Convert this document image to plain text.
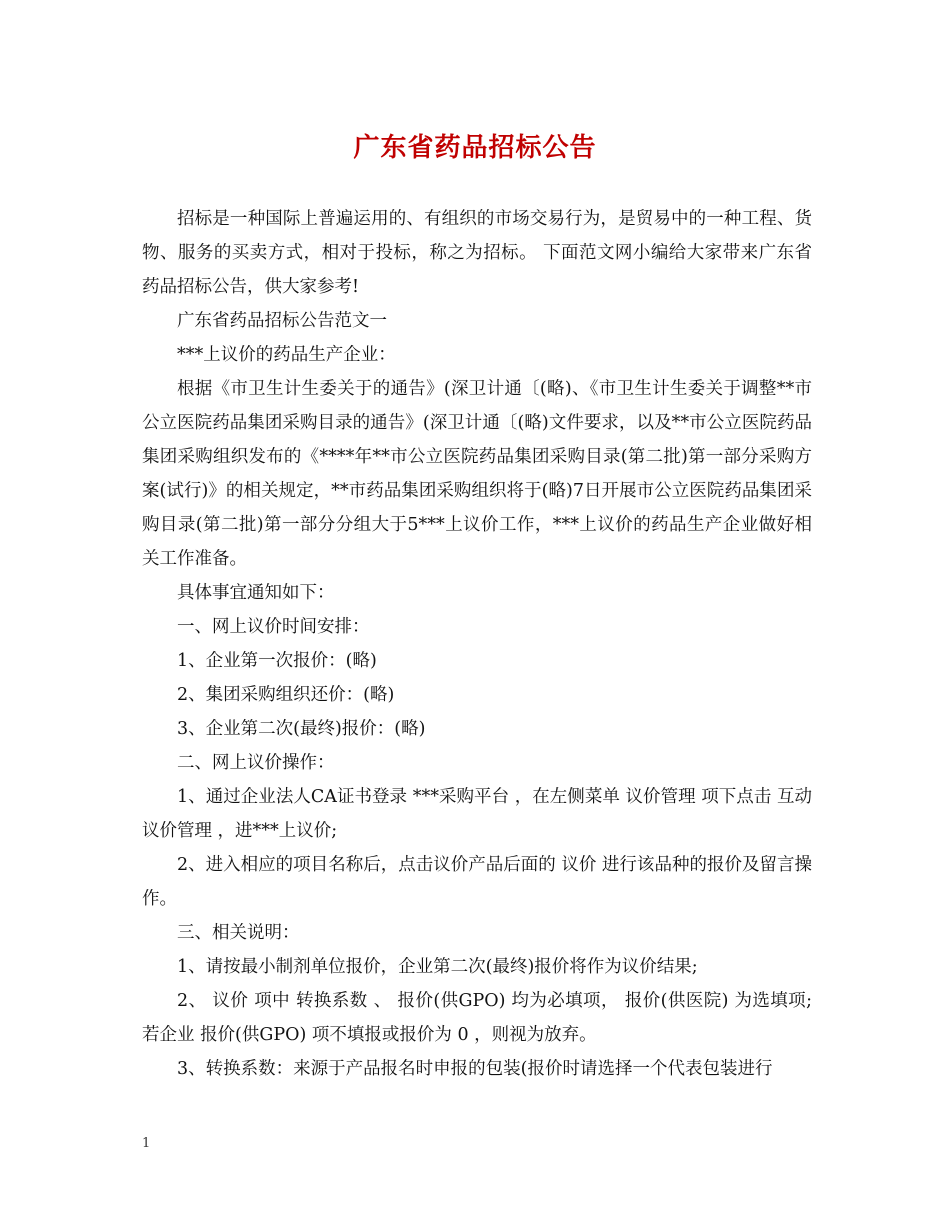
广东省药品招标公告

招标是一种国际上普遍运用的、有组织的市场交易行为，是贸易中的一种工程、货物、服务的买卖方式，相对于投标，称之为招标。 下面范文网小编给大家带来广东省药品招标公告，供大家参考!

广东省药品招标公告范文一

***上议价的药品生产企业：

根据《市卫生计生委关于的通告》(深卫计通〔(略)、《市卫生计生委关于调整**市公立医院药品集团采购目录的通告》(深卫计通〔(略)文件要求，以及**市公立医院药品集团采购组织发布的《****年**市公立医院药品集团采购目录(第二批)第一部分采购方案(试行)》的相关规定，**市药品集团采购组织将于(略)7日开展市公立医院药品集团采购目录(第二批)第一部分分组大于5***上议价工作，***上议价的药品生产企业做好相关工作准备。

具体事宜通知如下：

一、网上议价时间安排：

1、企业第一次报价：(略)

2、集团采购组织还价：(略)

3、企业第二次(最终)报价：(略)

二、网上议价操作：

1、通过企业法人CA证书登录 ***采购平台 ，在左侧菜单 议价管理 项下点击 互动议价管理 ，进***上议价;

2、进入相应的项目名称后，点击议价产品后面的 议价 进行该品种的报价及留言操作。

三、相关说明：

1、请按最小制剂单位报价，企业第二次(最终)报价将作为议价结果;

2、 议价 项中 转换系数 、 报价(供GPO) 均为必填项， 报价(供医院) 为选填项;若企业 报价(供GPO) 项不填报或报价为 0 ，则视为放弃。

3、转换系数：来源于产品报名时申报的包装(报价时请选择一个代表包装进行

1
